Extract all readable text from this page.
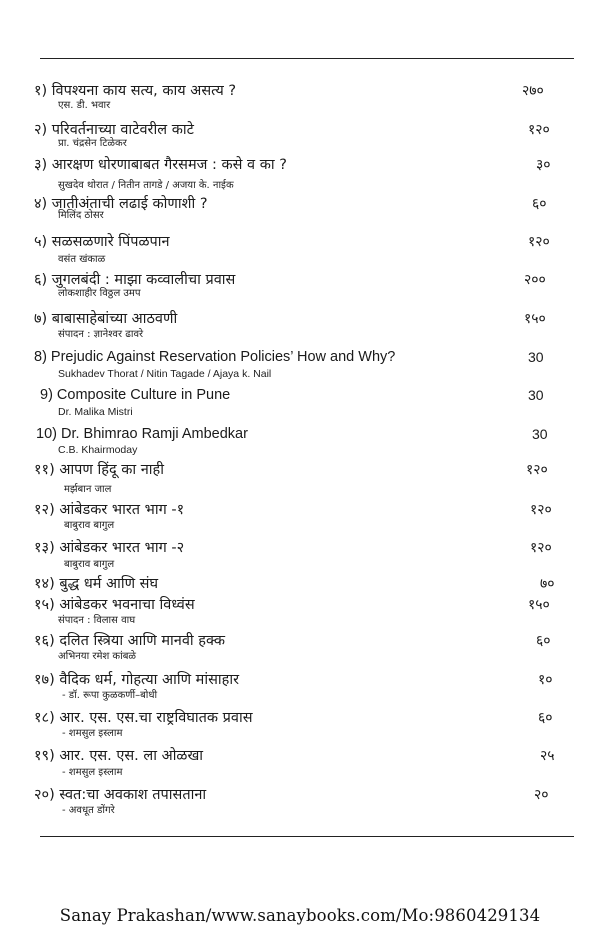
१) विपश्यना काय सत्य, काय असत्य ?	२७०
एस. डी. भवार
२) परिवर्तनाच्या वाटेवरील काटे	१२०
प्रा. चंद्रसेन टिळेकर
३) आरक्षण धोरणाबाबत गैरसमज : कसे व का ?	३०
सुखदेव थोरात / नितीन तागडे / अजया के. नाईक
४) जातीअंताची लढाई कोणाशी ?	६०
मिलिंद ठोसर
५) सळसळणारे पिंपळपान	१२०
वसंत खंकाळ
६) जुगलबंदी : माझा कव्वालीचा प्रवास	२००
लोकशाहीर विठ्ठल उमप
७) बाबासाहेबांच्या आठवणी	१५०
संपादन : ज्ञानेश्वर ढावरे
8) Prejudic Against Reservation Policies’ How and Why?	30
Sukhadev Thorat / Nitin Tagade / Ajaya k. Nail
9) Composite Culture in Pune	30
Dr. Malika Mistri
10) Dr. Bhimrao Ramji Ambedkar	30
C.B. Khairmoday
११) आपण हिंदू का नाही	१२०
मर्झबान जाल
१२) आंबेडकर भारत भाग -१	१२०
बाबुराव बागुल
१३) आंबेडकर भारत भाग -२	१२०
बाबुराव बागुल
१४) बुद्ध धर्म आणि संघ	७०
१५) आंबेडकर भवनाचा विध्वंस	१५०
संपादन : विलास वाघ
१६) दलित स्त्रिया आणि मानवी हक्क	६०
अभिनया रमेश कांबळे
१७) वैदिक धर्म, गोहत्या आणि मांसाहार	१०
- डॉ. रूपा कुळकर्णी–बोधी
१८) आर. एस. एस.चा राष्ट्रविघातक प्रवास	६०
- शमसुल इस्लाम
१९) आर. एस. एस. ला ओळखा	२५
- शमसुल इस्लाम
२०) स्वत:चा अवकाश तपासताना	२०
- अवधूत डोंगरे
Sanay Prakashan/www.sanaybooks.com/Mo:9860429134
